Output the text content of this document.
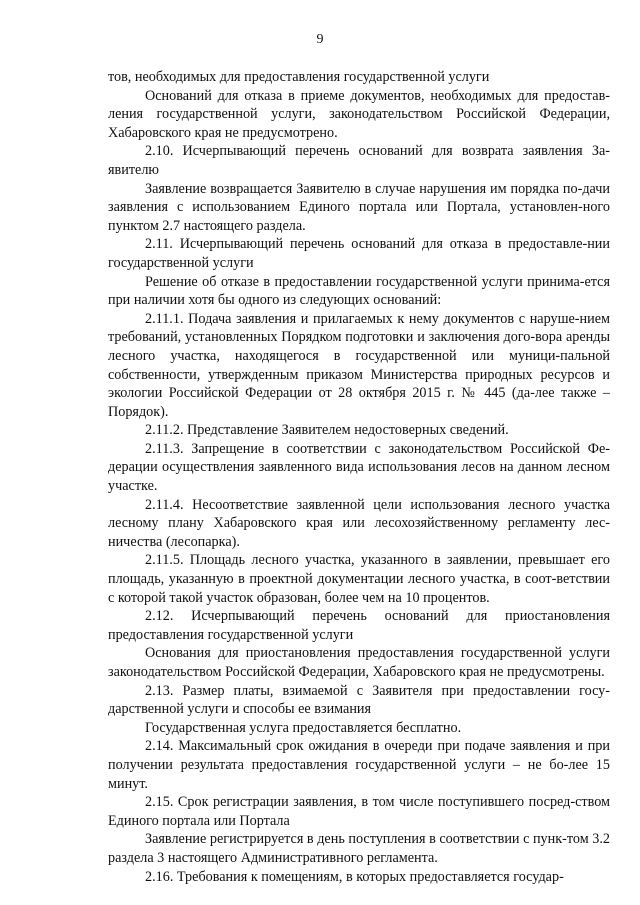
9

тов, необходимых для предоставления государственной услуги

Оснований для отказа в приеме документов, необходимых для предостав-ления государственной услуги, законодательством Российской Федерации, Хабаровского края не предусмотрено.

2.10. Исчерпывающий перечень оснований для возврата заявления За-явителю

Заявление возвращается Заявителю в случае нарушения им порядка по-дачи заявления с использованием Единого портала или Портала, установлен-ного пунктом 2.7 настоящего раздела.

2.11. Исчерпывающий перечень оснований для отказа в предоставле-нии государственной услуги

Решение об отказе в предоставлении государственной услуги принима-ется при наличии хотя бы одного из следующих оснований:

2.11.1. Подача заявления и прилагаемых к нему документов с наруше-нием требований, установленных Порядком подготовки и заключения дого-вора аренды лесного участка, находящегося в государственной или муници-пальной собственности, утвержденным приказом Министерства природных ресурсов и экологии Российской Федерации от 28 октября 2015 г. № 445 (да-лее также – Порядок).

2.11.2. Представление Заявителем недостоверных сведений.

2.11.3. Запрещение в соответствии с законодательством Российской Фе-дерации осуществления заявленного вида использования лесов на данном лесном участке.

2.11.4. Несоответствие заявленной цели использования лесного участка лесному плану Хабаровского края или лесохозяйственному регламенту лес-ничества (лесопарка).

2.11.5. Площадь лесного участка, указанного в заявлении, превышает его площадь, указанную в проектной документации лесного участка, в соот-ветствии с которой такой участок образован, более чем на 10 процентов.

2.12. Исчерпывающий перечень оснований для приостановления предоставления государственной услуги

Основания для приостановления предоставления государственной услуги законодательством Российской Федерации, Хабаровского края не предусмотрены.

2.13. Размер платы, взимаемой с Заявителя при предоставлении госу-дарственной услуги и способы ее взимания

Государственная услуга предоставляется бесплатно.

2.14. Максимальный срок ожидания в очереди при подаче заявления и при получении результата предоставления государственной услуги – не бо-лее 15 минут.

2.15. Срок регистрации заявления, в том числе поступившего посред-ством Единого портала или Портала

Заявление регистрируется в день поступления в соответствии с пунк-том 3.2 раздела 3 настоящего Административного регламента.

2.16. Требования к помещениям, в которых предоставляется государ-
